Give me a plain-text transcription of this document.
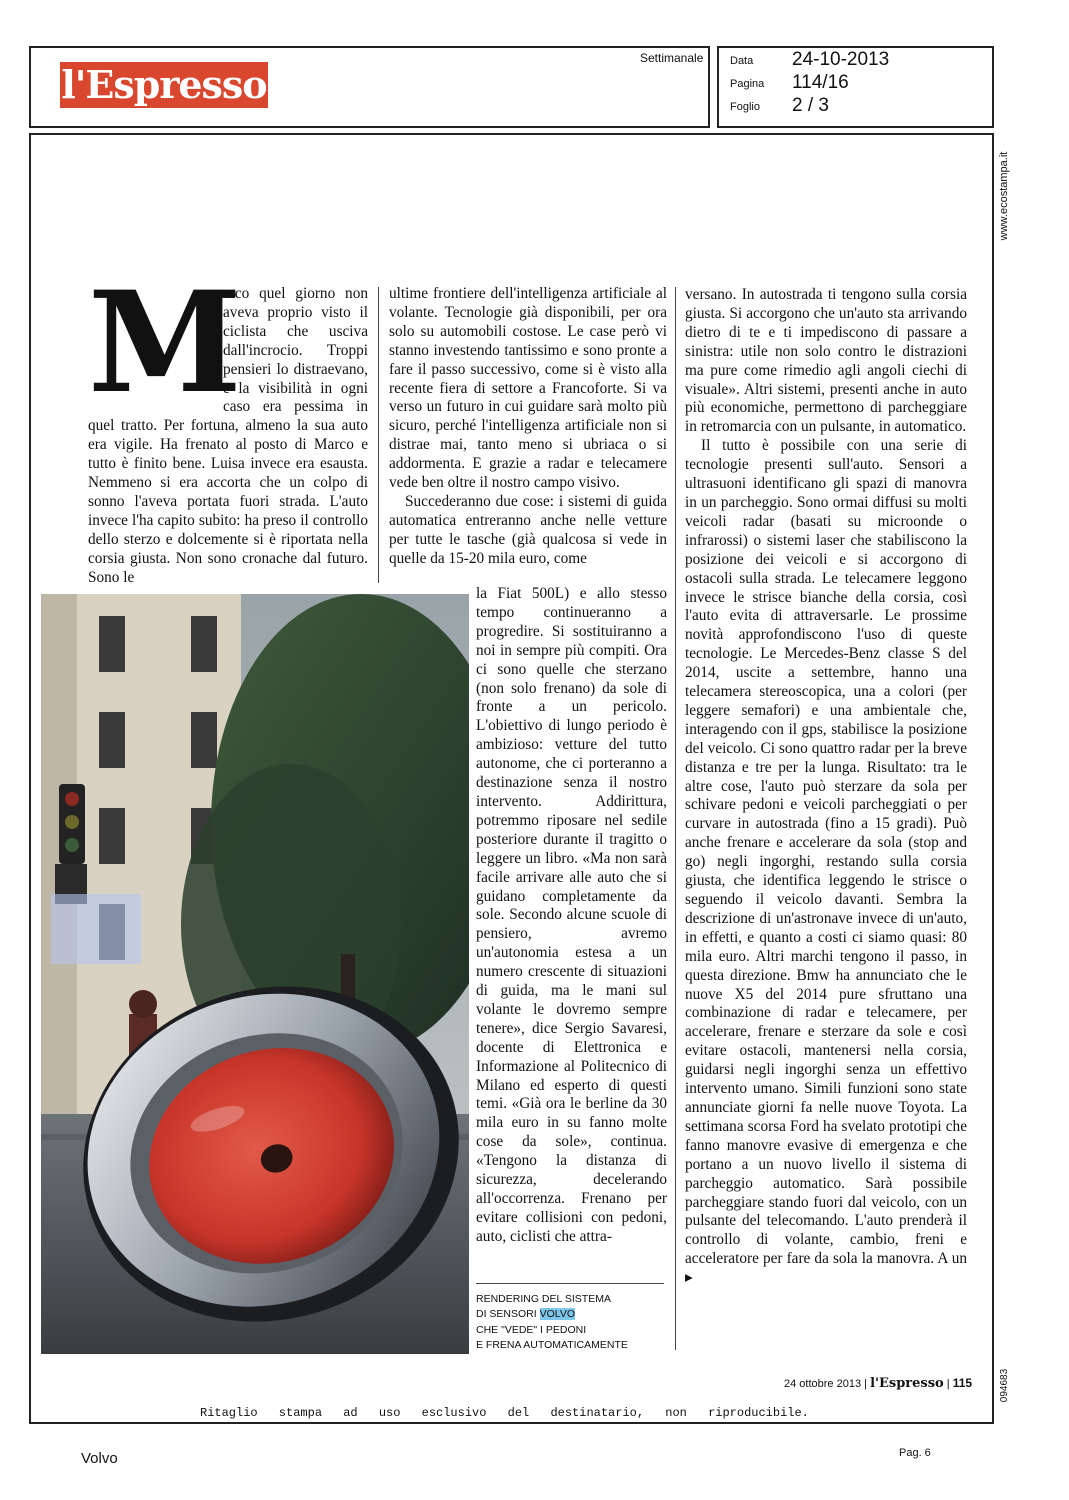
l'Espresso
Settimanale Data 24-10-2013
Pagina 114/16
Foglio 2 / 3
www.ecostampa.it
094683
M

arco quel giorno non aveva proprio visto il ciclista che usciva dall'incrocio. Troppi pensieri lo distraevano, e la visibilità in ogni caso era pessima in quel tratto. Per fortuna, almeno la sua auto era vigile. Ha frenato al posto di Marco e tutto è finito bene. Luisa invece era esausta. Nemmeno si era accorta che un colpo di sonno l'aveva portata fuori strada. L'auto invece l'ha capito subito: ha preso il controllo dello sterzo e dolcemente si è riportata nella corsia giusta. Non sono cronache dal futuro. Sono le

ultime frontiere dell'intelligenza artificiale al volante. Tecnologie già disponibili, per ora solo su automobili costose. Le case però vi stanno investendo tantissimo e sono pronte a fare il passo successivo, come si è visto alla recente fiera di settore a Francoforte. Si va verso un futuro in cui guidare sarà molto più sicuro, perché l'intelligenza artificiale non si distrae mai, tanto meno si ubriaca o si addormenta. E grazie a radar e telecamere vede ben oltre il nostro campo visivo.

Succederanno due cose: i sistemi di guida automatica entreranno anche nelle vetture per tutte le tasche (già qualcosa si vede in quelle da 15-20 mila euro, come

la Fiat 500L) e allo stesso tempo continueranno a progredire. Si sostituiranno a noi in sempre più compiti. Ora ci sono quelle che sterzano (non solo frenano) da sole di fronte a un pericolo. L'obiettivo di lungo periodo è ambizioso: vetture del tutto autonome, che ci porteranno a destinazione senza il nostro intervento. Addirittura, potremmo riposare nel sedile posteriore durante il tragitto o leggere un libro. «Ma non sarà facile arrivare alle auto che si guidano completamente da sole. Secondo alcune scuole di pensiero, avremo un'autonomia estesa a un numero crescente di situazioni di guida, ma le mani sul volante le dovremo sempre tenere», dice Sergio Savaresi, docente di Elettronica e Informazione al Politecnico di Milano ed esperto di questi temi. «Già ora le berline da 30 mila euro in su fanno molte cose da sole», continua. «Tengono la distanza di sicurezza, decelerando all'occorrenza. Frenano per evitare collisioni con pedoni, auto, ciclisti che attra-

versano. In autostrada ti tengono sulla corsia giusta. Si accorgono che un'auto sta arrivando dietro di te e ti impediscono di passare a sinistra: utile non solo contro le distrazioni ma pure come rimedio agli angoli ciechi di visuale». Altri sistemi, presenti anche in auto più economiche, permettono di parcheggiare in retromarcia con un pulsante, in automatico.

Il tutto è possibile con una serie di tecnologie presenti sull'auto. Sensori a ultrasuoni identificano gli spazi di manovra in un parcheggio. Sono ormai diffusi su molti veicoli radar (basati su microonde o infrarossi) o sistemi laser che stabiliscono la posizione dei veicoli e si accorgono di ostacoli sulla strada. Le telecamere leggono invece le strisce bianche della corsia, così l'auto evita di attraversarle. Le prossime novità approfondiscono l'uso di queste tecnologie. Le Mercedes-Benz classe S del 2014, uscite a settembre, hanno una telecamera stereoscopica, una a colori (per leggere semafori) e una ambientale che, interagendo con il gps, stabilisce la posizione del veicolo. Ci sono quattro radar per la breve distanza e tre per la lunga. Risultato: tra le altre cose, l'auto può sterzare da sola per schivare pedoni e veicoli parcheggiati o per curvare in autostrada (fino a 15 gradi). Può anche frenare e accelerare da sola (stop and go) negli ingorghi, restando sulla corsia giusta, che identifica leggendo le strisce o seguendo il veicolo davanti. Sembra la descrizione di un'astronave invece di un'auto, in effetti, e quanto a costi ci siamo quasi: 80 mila euro. Altri marchi tengono il passo, in questa direzione. Bmw ha annunciato che le nuove X5 del 2014 pure sfruttano una combinazione di radar e telecamere, per accelerare, frenare e sterzare da sole e così evitare ostacoli, mantenersi nella corsia, guidarsi negli ingorghi senza un effettivo intervento umano. Simili funzioni sono state annunciate giorni fa nelle nuove Toyota. La settimana scorsa Ford ha svelato prototipi che fanno manovre evasive di emergenza e che portano a un nuovo livello il sistema di parcheggio automatico. Sarà possibile parcheggiare stando fuori dal veicolo, con un pulsante del telecomando. L'auto prenderà il controllo di volante, cambio, freni e acceleratore per fare da sola la manovra. A un ▸

RENDERING DEL SISTEMA
DI SENSORI VOLVO
CHE "VEDE" I PEDONI
E FRENA AUTOMATICAMENTE
24 ottobre 2013 | l'Espresso | 115
Ritaglio stampa ad uso esclusivo del destinatario, non riproducibile.
Volvo	Pag. 6
